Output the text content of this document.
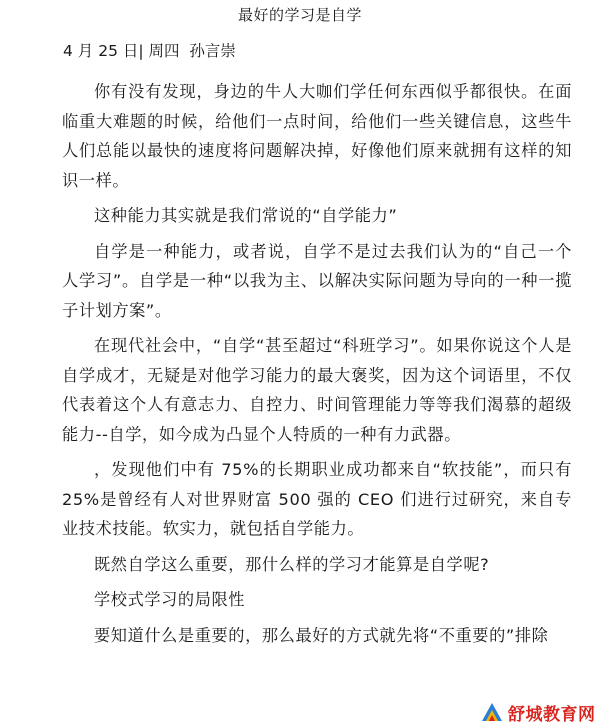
最好的学习是自学
4 月 25 日| 周四  孙言崇

你有没有发现，身边的牛人大咖们学任何东西似乎都很快。在面临重大难题的时候，给他们一点时间，给他们一些关键信息，这些牛人们总能以最快的速度将问题解决掉，好像他们原来就拥有这样的知识一样。

这种能力其实就是我们常说的“自学能力”

自学是一种能力，或者说，自学不是过去我们认为的“自己一个人学习”。自学是一种“以我为主、以解决实际问题为导向的一种一揽子计划方案”。

在现代社会中，“自学“甚至超过“科班学习”。如果你说这个人是自学成才，无疑是对他学习能力的最大褒奖，因为这个词语里，不仅代表着这个人有意志力、自控力、时间管理能力等等我们渴慕的超级能力--自学，如今成为凸显个人特质的一种有力武器。

，发现他们中有 75%的长期职业成功都来自“软技能”，而只有 25%是曾经有人对世界财富 500 强的 CEO 们进行过研究，来自专业技术技能。软实力，就包括自学能力。

既然自学这么重要，那什么样的学习才能算是自学呢?

学校式学习的局限性

要知道什么是重要的，那么最好的方式就先将“不重要的”排除

舒城教育网
